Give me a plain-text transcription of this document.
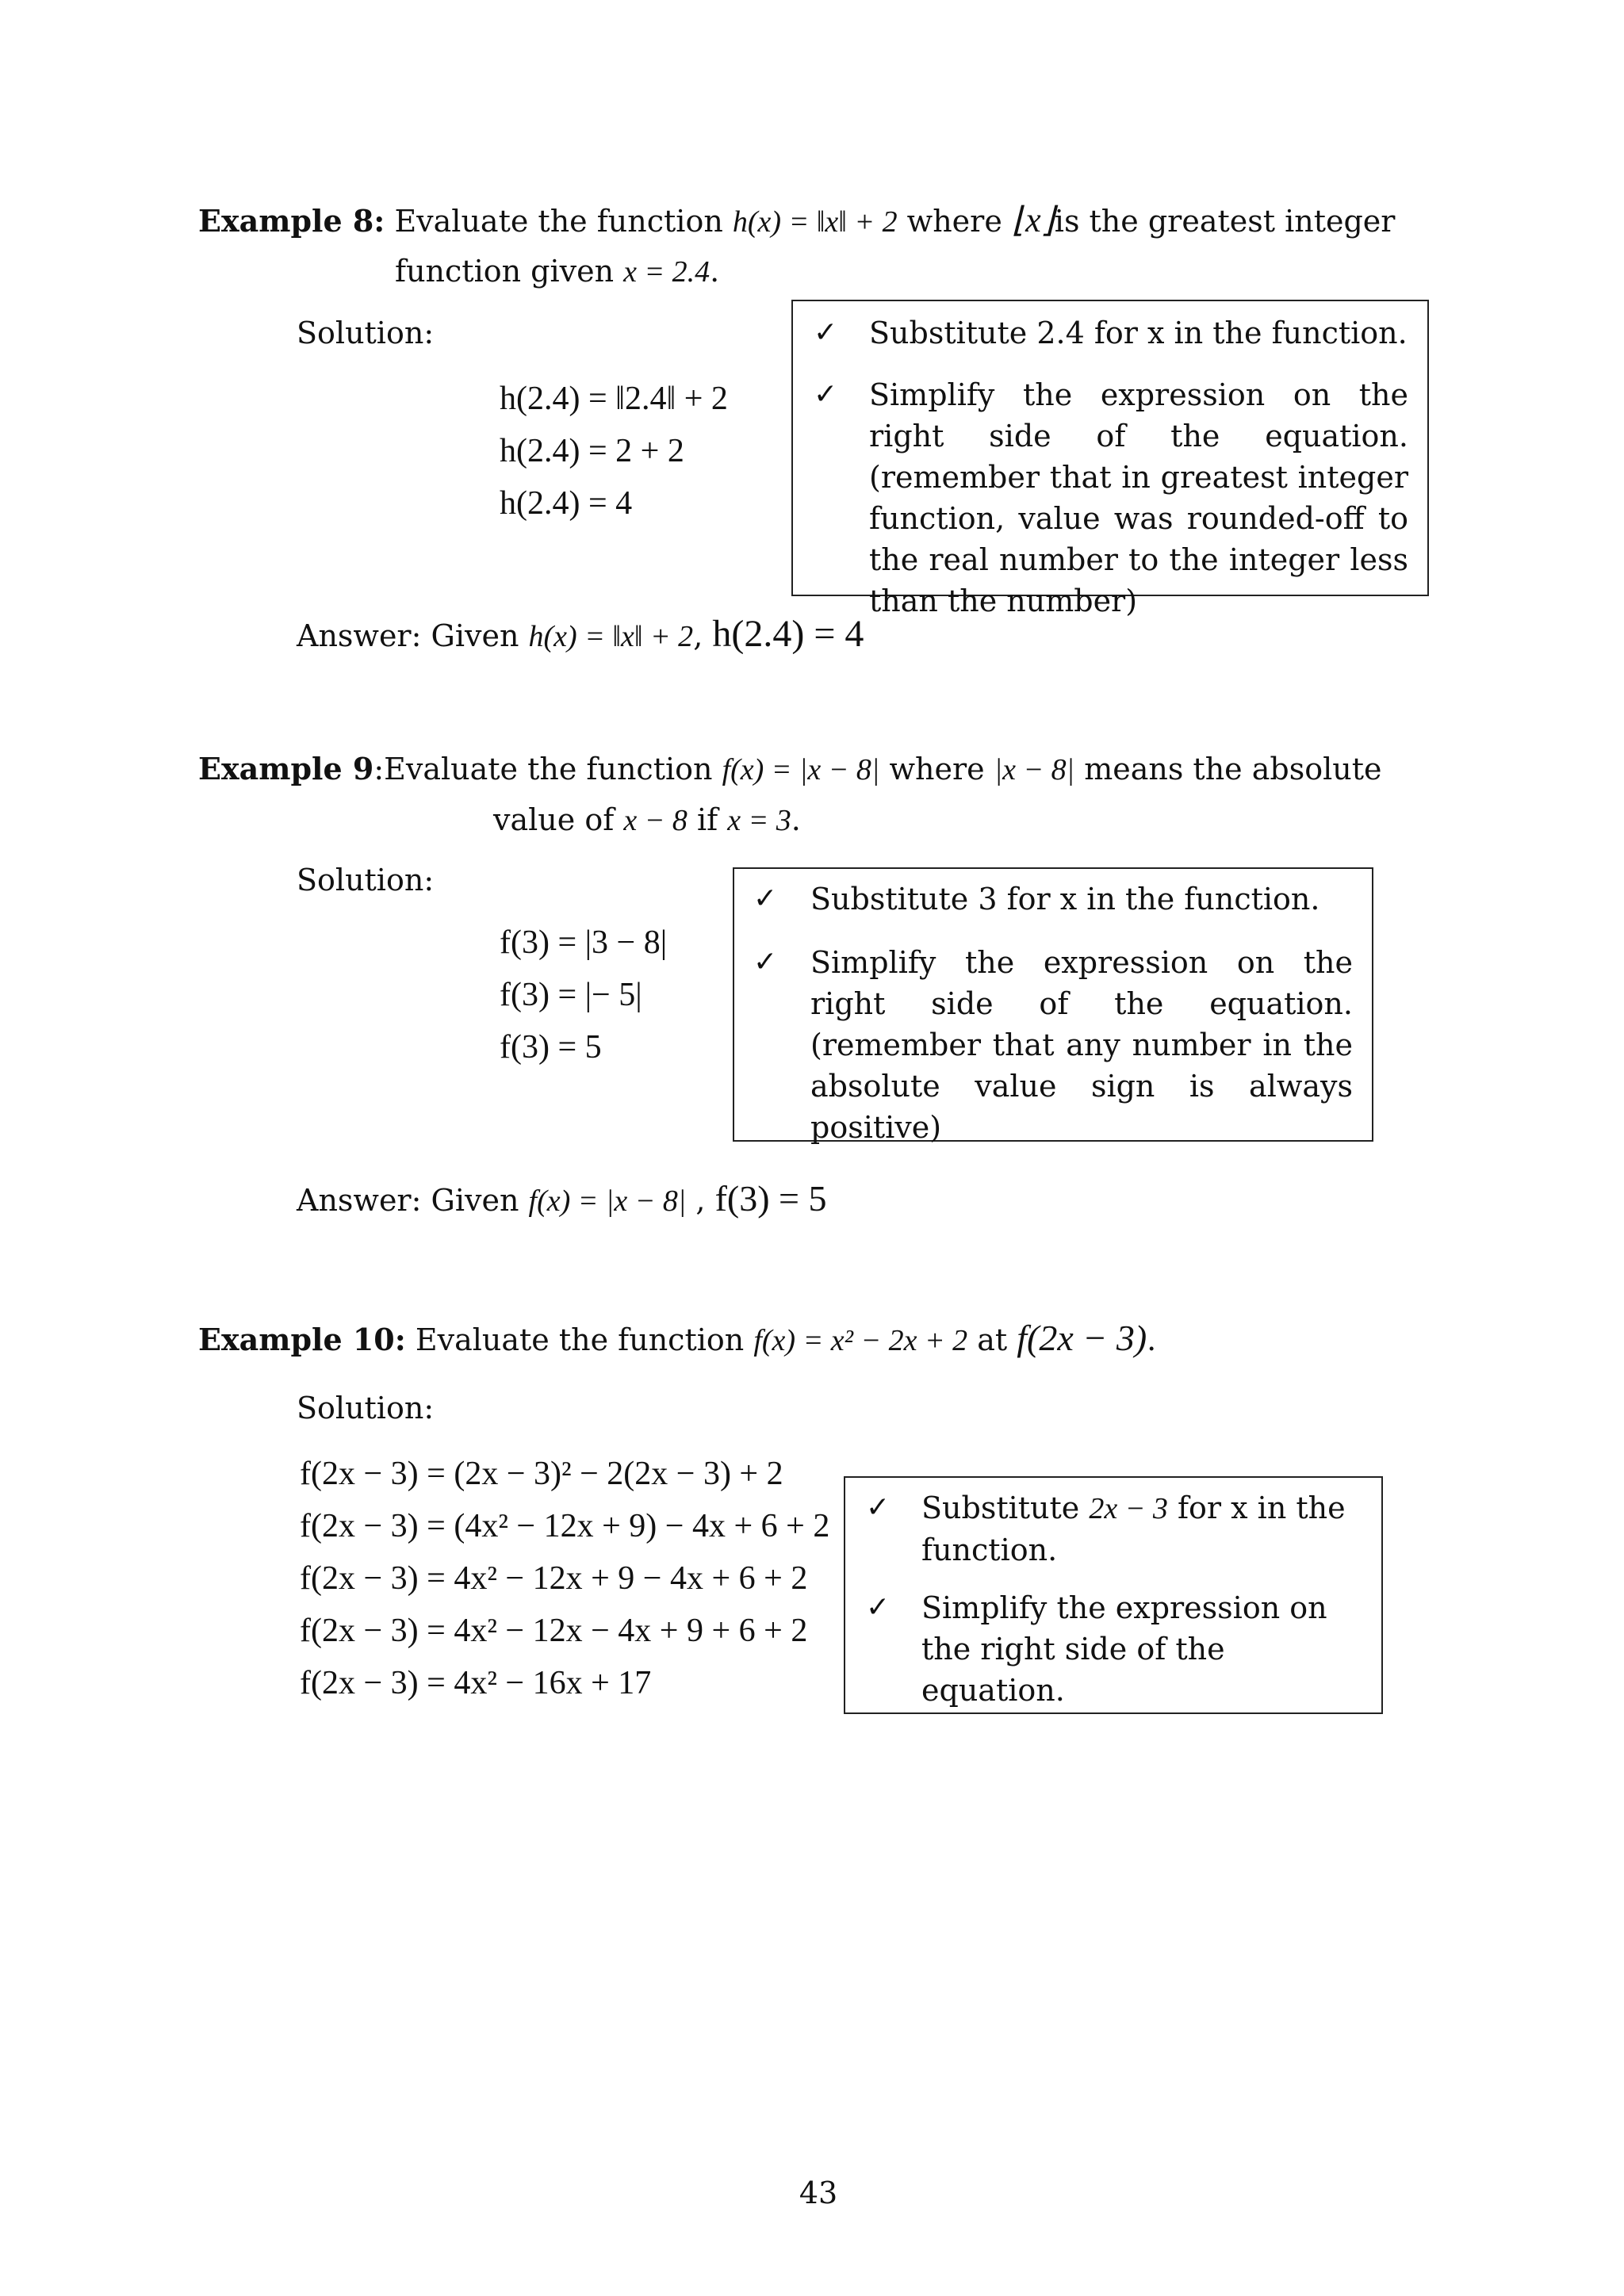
Example 8: Evaluate the function h(x) = ‖x‖ + 2 where ⌊x⌋is the greatest integer
function given x = 2.4.
Solution:
h(2.4) = ‖2.4‖ + 2
h(2.4) = 2 + 2
h(2.4) = 4
✓ Substitute 2.4 for x in the function.
✓ Simplify the expression on the right side of the equation. (remember that in greatest integer function, value was rounded-off to the real number to the integer less than the number)
Answer: Given h(x) = ‖x‖ + 2, h(2.4) = 4
Example 9:Evaluate the function f(x) = |x − 8| where |x − 8| means the absolute
value of x − 8 if x = 3.
Solution:
f(3) = |3 − 8|
f(3) = |− 5|
f(3) = 5
✓ Substitute 3 for x in the function.
✓ Simplify the expression on the right side of the equation. (remember that any number in the absolute value sign is always positive)
Answer: Given f(x) = |x − 8| , f(3) = 5
Example 10: Evaluate the function f(x) = x² − 2x + 2 at f(2x − 3).
Solution:
f(2x − 3) = (2x − 3)² − 2(2x − 3) + 2
f(2x − 3) = (4x² − 12x + 9) − 4x + 6 + 2
f(2x − 3) = 4x² − 12x + 9 − 4x + 6 + 2
f(2x − 3) = 4x² − 12x − 4x + 9 + 6 + 2
f(2x − 3) = 4x² − 16x + 17
✓ Substitute 2x − 3 for x in the
function.
✓ Simplify the expression on the right side of the equation.
43
